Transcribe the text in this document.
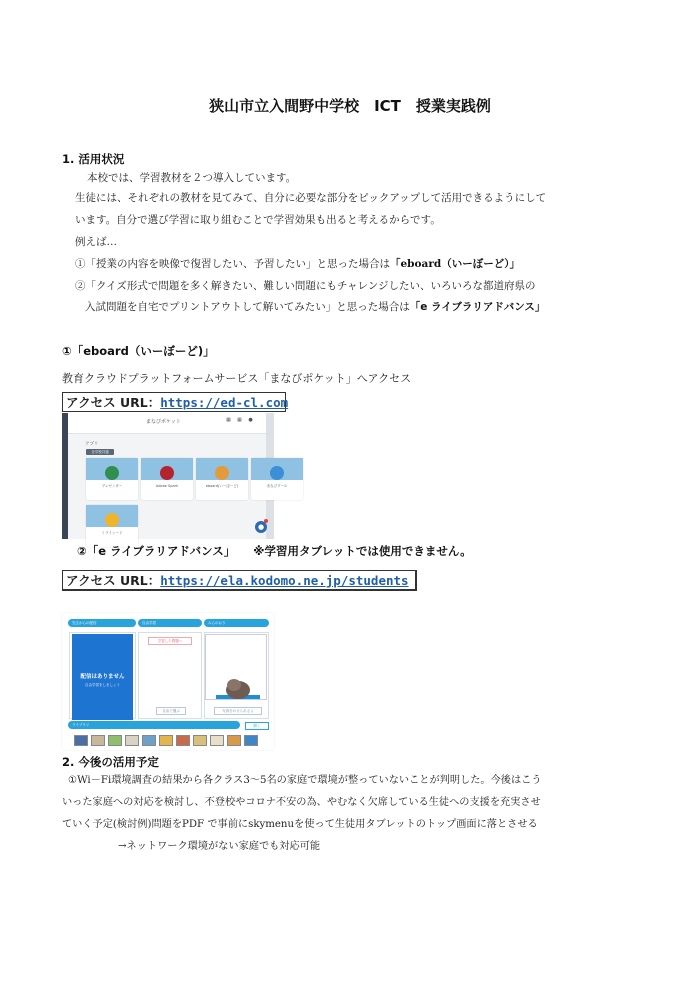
狭山市立入間野中学校　ICT　授業実践例
1. 活用状況
本校では、学習教材を２つ導入しています。
生徒には、それぞれの教材を見てみて、自分に必要な部分をピックアップして活用できるようにして
います。自分で選び学習に取り組むことで学習効果も出ると考えるからです。
例えば…
①「授業の内容を映像で復習したい、予習したい」と思った場合は「eboard（いーぼーど）」
②「クイズ形式で問題を多く解きたい、難しい問題にもチャレンジしたい、いろいろな都道府県の
入試問題を自宅でプリントアウトして解いてみたい」と思った場合は「e ライブラリアドバンス」
①「eboard（いーぼーど)」
教育クラウドプラットフォームサービス「まなびポケット」へアクセス
アクセス URL：https://ed-cl.com
まなびポケット	▦ ▦ ●
アプリ
全学校共通
プレゼンター	Adobe Spark	eboard(いーぼーど)	まなびプール
ミライシード
●
②「e ライブラリアドバンス」 ※学習用タブレットでは使用できません。
アクセス URL：https://ela.kodomo.ne.jp/students
先生からの配信	自由学習	みらのおり
配信はありません
自由学習をしましょう
学習した問題へ
自由で選ぶ	写真をのせられるよ
ライブラリ	開く
2. 今後の活用予定
①Wi－Fi環境調査の結果から各クラス3～5名の家庭で環境が整っていないことが判明した。今後はこう
いった家庭への対応を検討し、不登校やコロナ不安の為、やむなく欠席している生徒への支援を充実させ
ていく予定(検討例)問題をPDF で事前にskymenuを使って生徒用タブレットのトップ画面に落とさせる
→ネットワーク環境がない家庭でも対応可能
